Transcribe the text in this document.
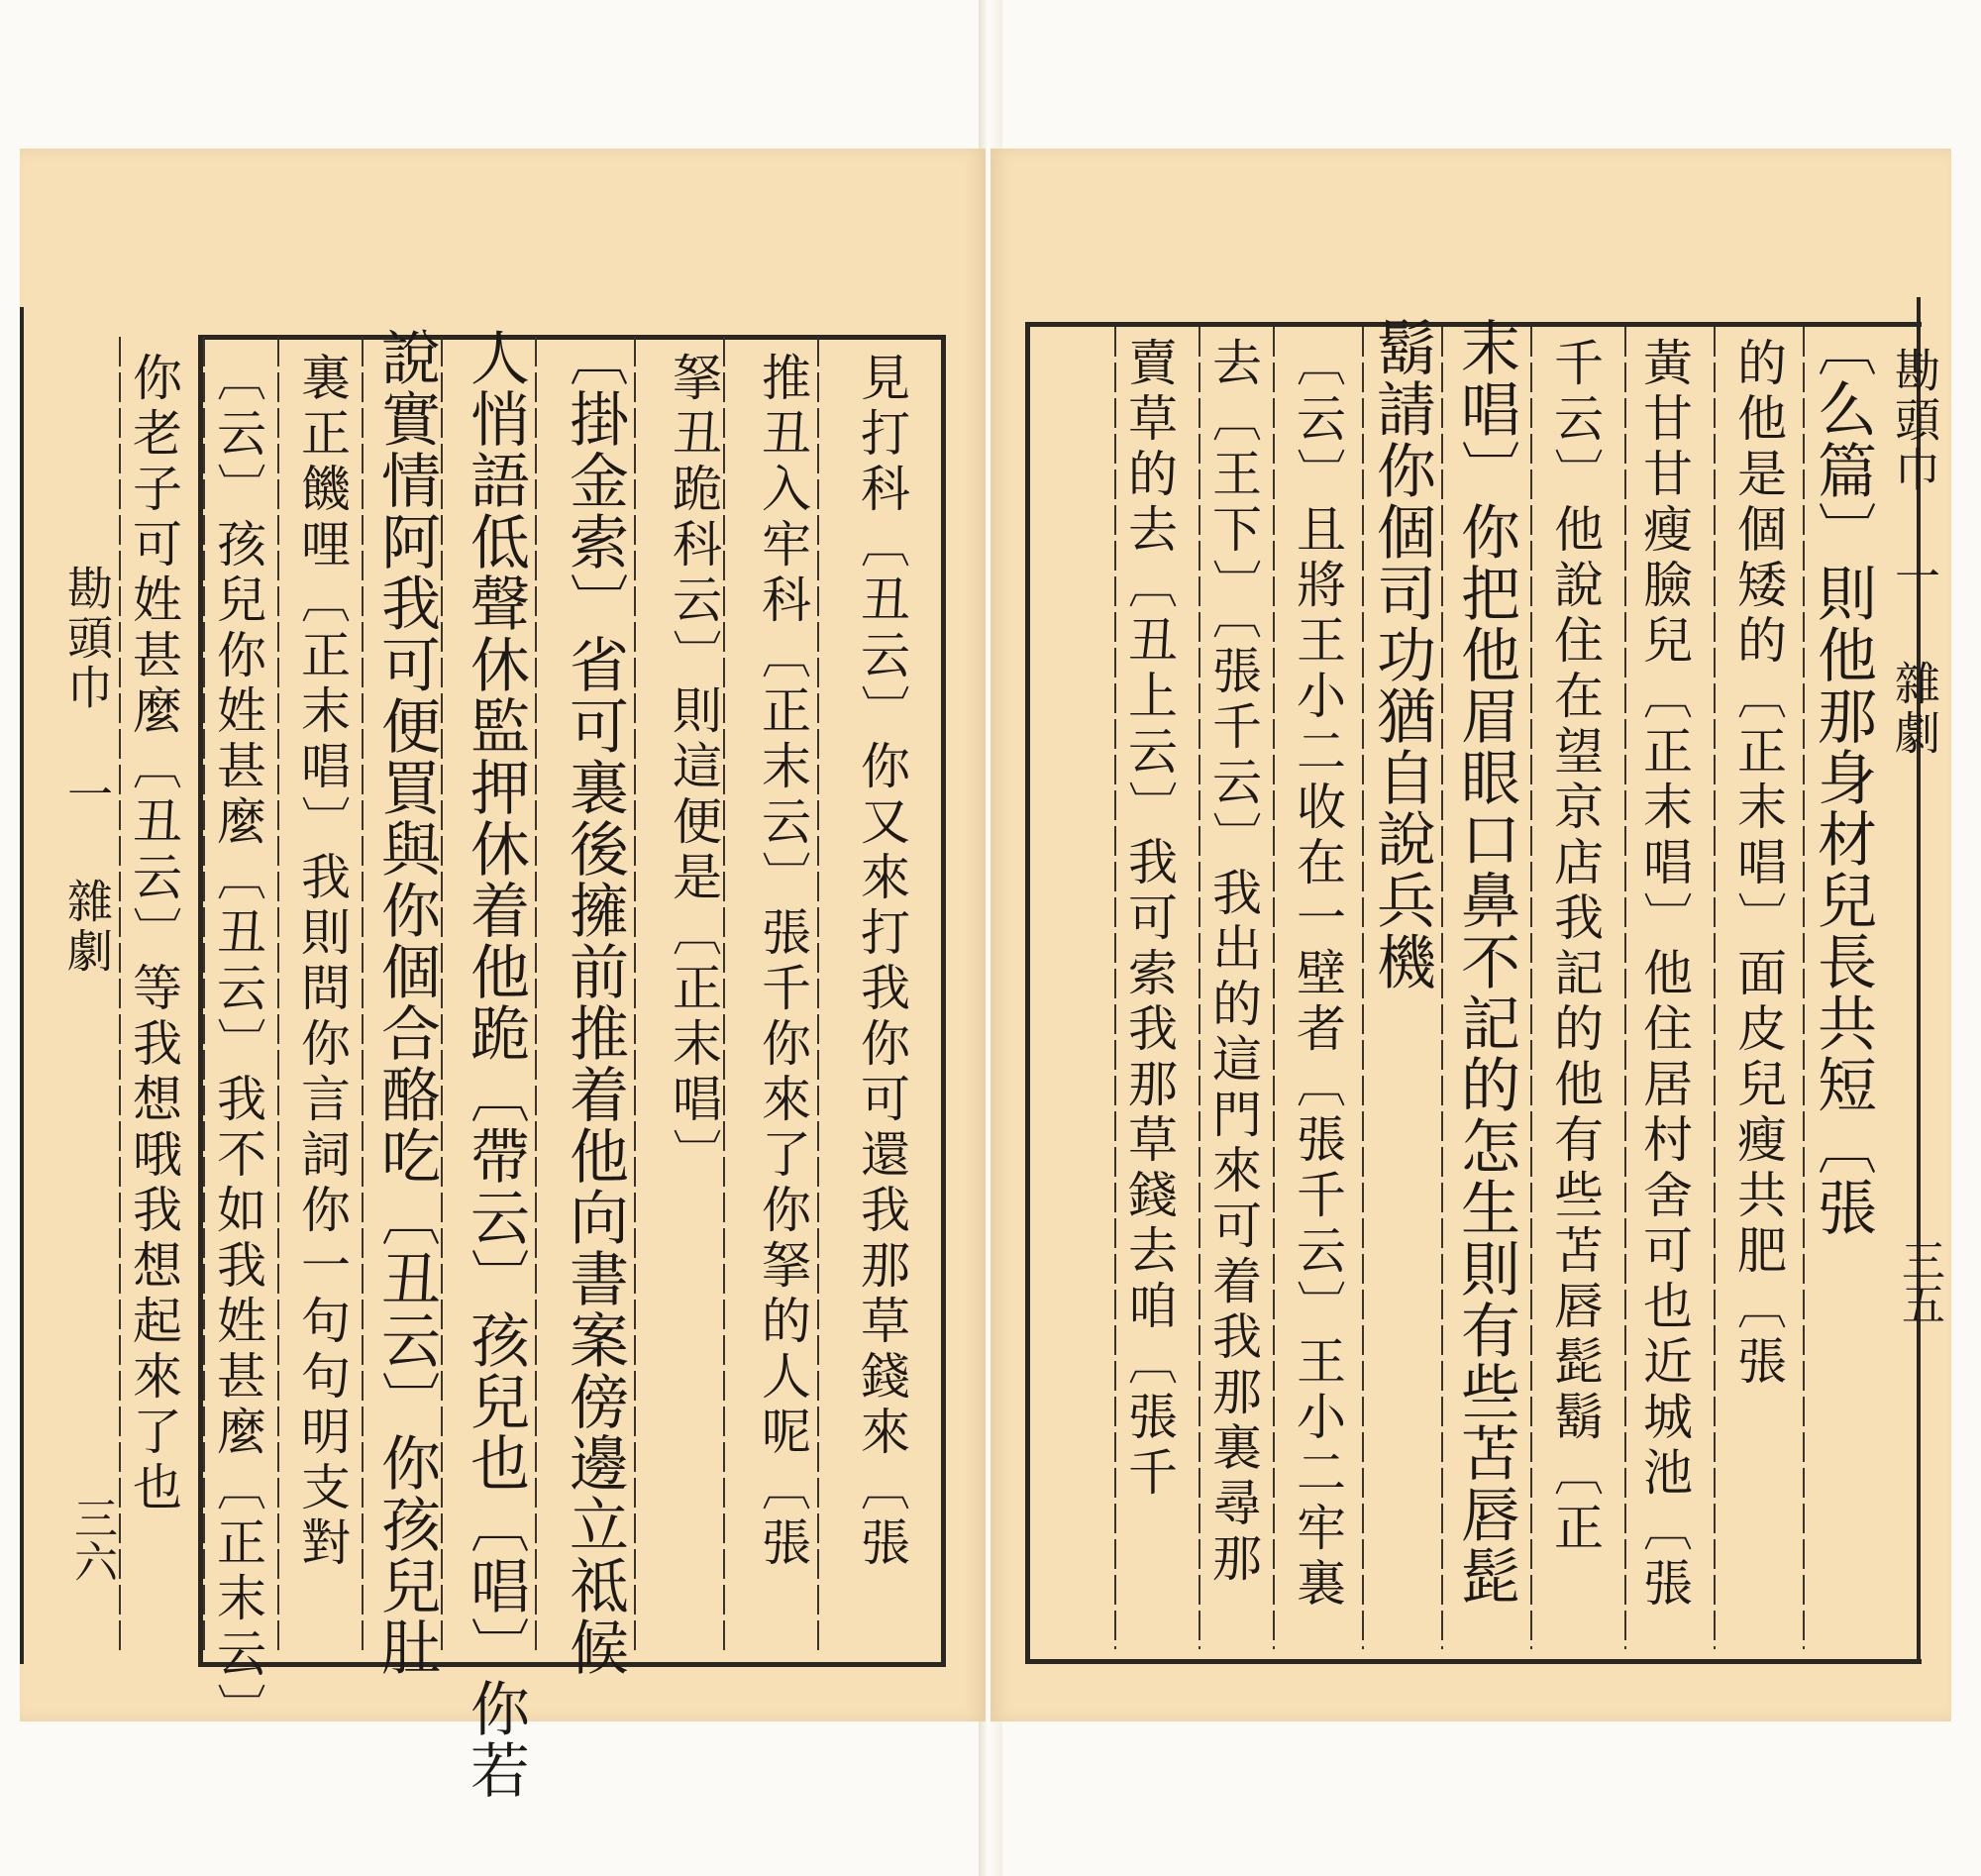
勘頭巾 一 雜劇
三六	見打科〔丑云〕你又來打我你可還我那草錢來〔張
推丑入牢科〔正末云〕張千你來了你拏的人呢〔張
拏丑跪科云〕則這便是〔正末唱〕
〔掛金索〕省可裏後擁前推着他向書案傍邊立祗候
人悄語低聲休監押休着他跪〔帶云〕孩兒也〔唱〕你若
說實情阿我可便買與你個合酪吃〔丑云〕你孩兒肚
裏正饑哩〔正末唱〕我則問你言詞你一句句明支對
〔云〕孩兒你姓甚麼〔丑云〕我不如我姓甚麼〔正末云〕
你老子可姓甚麼〔丑云〕等我想哦我想起來了也	勘頭巾 一 雜劇
三五
〔么篇〕則他那身材兒長共短〔張
的他是個矮的〔正末唱〕面皮兒瘦共肥〔張
黃甘甘瘦臉兒〔正末唱〕他住居村舍可也近城池〔張
千云〕他說住在望京店我記的他有些苫唇髭鬍〔正
末唱〕你把他眉眼口鼻不記的怎生則有些苫唇髭
鬍請你個司功猶自說兵機
〔云〕且將王小二收在一壁者〔張千云〕王小二牢裏
去〔王下〕〔張千云〕我出的這門來可着我那裏尋那
賣草的去〔丑上云〕我可索我那草錢去咱〔張千
